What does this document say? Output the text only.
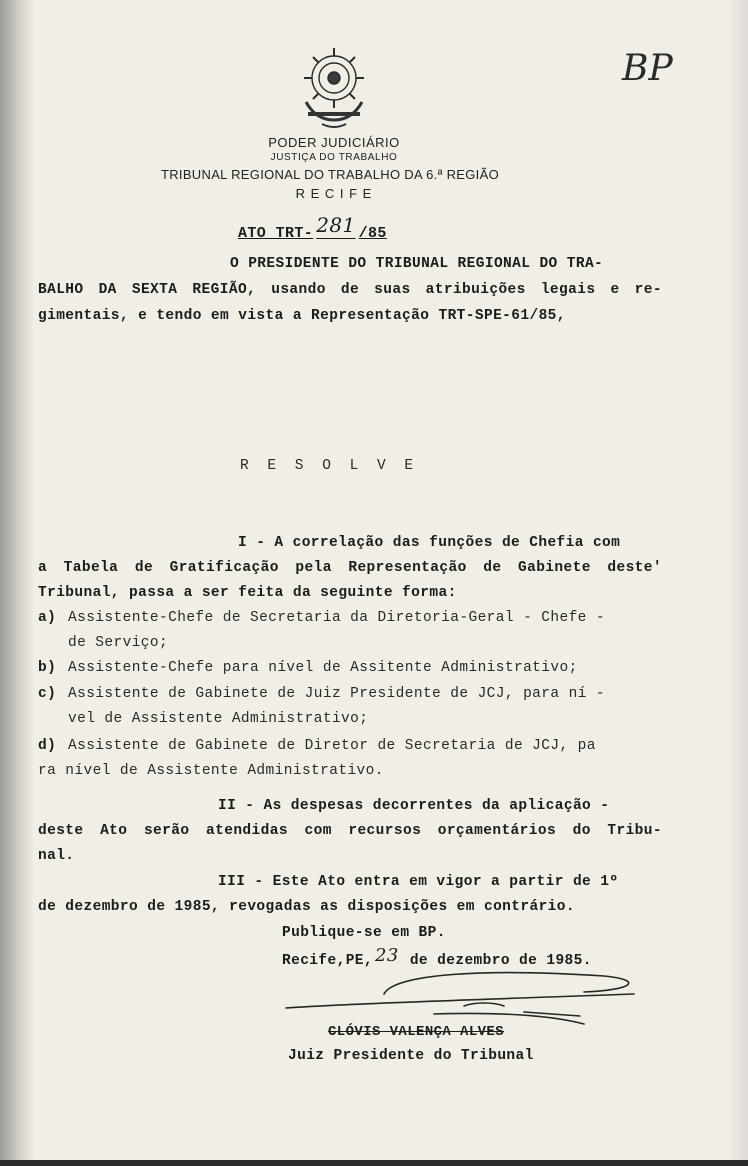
PODER JUDICIÁRIO
JUSTIÇA DO TRABALHO
TRIBUNAL REGIONAL DO TRABALHO DA 6.ª REGIÃO
R E C I F E
BP
ATO TRT- 281 /85
O PRESIDENTE DO TRIBUNAL REGIONAL DO TRA-
BALHO DA SEXTA REGIÃO, usando de suas atribuições legais e re-
gimentais, e tendo em vista a Representação TRT-SPE-61/85,
R E S O L V E
I - A correlação das funções de Chefia com
a Tabela de Gratificação pela Representação de Gabinete deste'
Tribunal, passa a ser feita da seguinte forma:
a) Assistente-Chefe de Secretaria da Diretoria-Geral - Chefe -
de Serviço;
b) Assistente-Chefe para nível de Assitente Administrativo;
c) Assistente de Gabinete de Juiz Presidente de JCJ, para ní -
vel de Assistente Administrativo;
d) Assistente de Gabinete de Diretor de Secretaria de JCJ, pa
ra nível de Assistente Administrativo.
II - As despesas decorrentes da aplicação -
deste Ato serão atendidas com recursos orçamentários do Tribu-
nal.
III - Este Ato entra em vigor a partir de 1º
de dezembro de 1985, revogadas as disposições em contrário.
Publique-se em BP.
Recife,PE, 23 de dezembro de 1985.
CLÓVIS VALENÇA ALVES
Juiz Presidente do Tribunal
